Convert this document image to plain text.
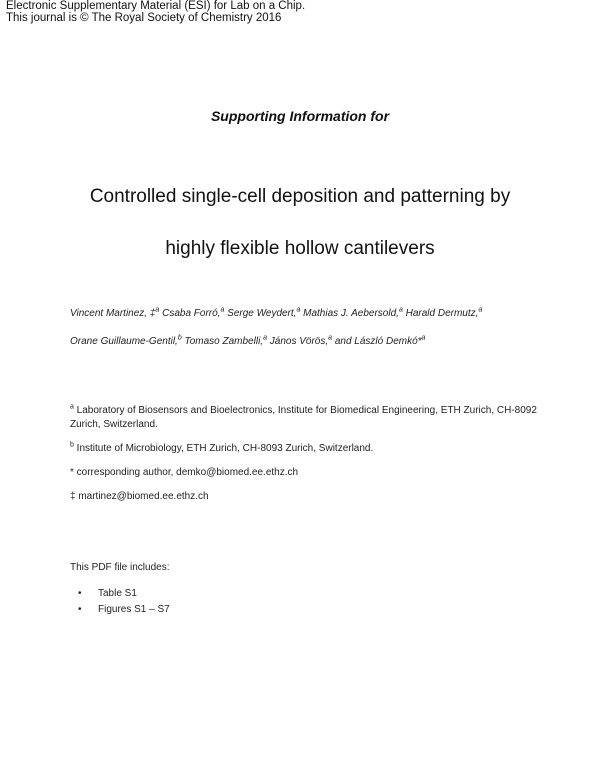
Electronic Supplementary Material (ESI) for Lab on a Chip.
This journal is © The Royal Society of Chemistry 2016
Supporting Information for
Controlled single-cell deposition and patterning by
highly flexible hollow cantilevers
Vincent Martinez, ‡$^a$ Csaba Forró,$^a$ Serge Weydert,$^a$ Mathias J. Aebersold,$^a$ Harald Dermutz,$^a$
Orane Guillaume-Gentil,$^b$ Tomaso Zambelli,$^a$ János Vörös,$^a$ and László Demkó*$^a$
$^a$ Laboratory of Biosensors and Bioelectronics, Institute for Biomedical Engineering, ETH Zurich, CH-8092 Zurich, Switzerland.
$^b$ Institute of Microbiology, ETH Zurich, CH-8093 Zurich, Switzerland.
* corresponding author, demko@biomed.ee.ethz.ch
‡ martinez@biomed.ee.ethz.ch
This PDF file includes:
• Table S1
• Figures S1 – S7
